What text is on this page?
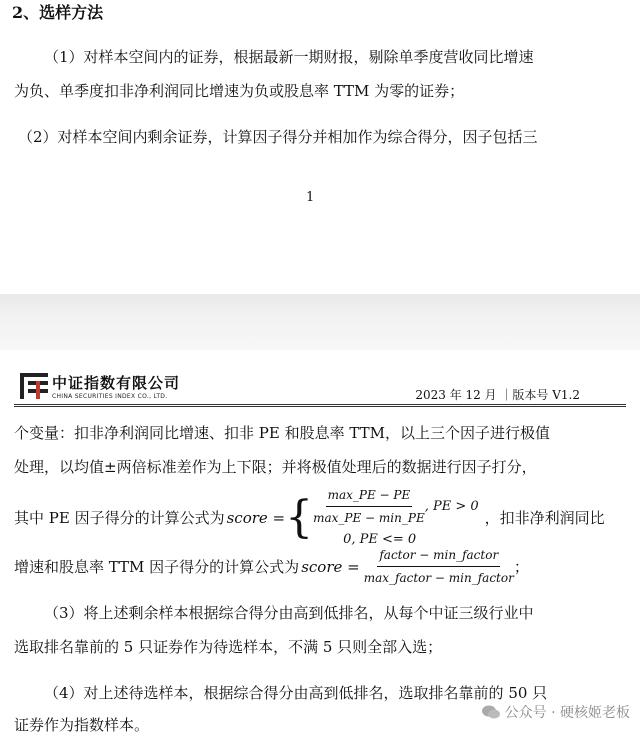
2、选样方法
（1）对样本空间内的证券，根据最新一期财报，剔除单季度营收同比增速
为负、单季度扣非净利润同比增速为负或股息率 TTM 为零的证券；
（2）对样本空间内剩余证券，计算因子得分并相加作为综合得分，因子包括三
1
中证指数有限公司
CHINA SECURITIES INDEX CO., LTD.	2023 年 12 月 ｜版本号 V1.2
个变量：扣非净利润同比增速、扣非 PE 和股息率 TTM，以上三个因子进行极值
处理，以均值±两倍标准差作为上下限；并将极值处理后的数据进行因子打分，
其中 PE 因子得分的计算公式为 score = { $\frac{\max\_PE - PE}{\max\_PE - \min\_PE}$ , PE > 0
0, PE <= 0
，扣非净利润同比
增速和股息率 TTM 因子得分的计算公式为 score = $\frac{\text{factor − min\_factor}}{\text{max\_factor − min\_factor}}$ ；
（3）将上述剩余样本根据综合得分由高到低排名，从每个中证三级行业中
选取排名靠前的 5 只证券作为待选样本，不满 5 只则全部入选；
（4）对上述待选样本，根据综合得分由高到低排名，选取排名靠前的 50 只
证券作为指数样本。
公众号 · 硬核姬老板
